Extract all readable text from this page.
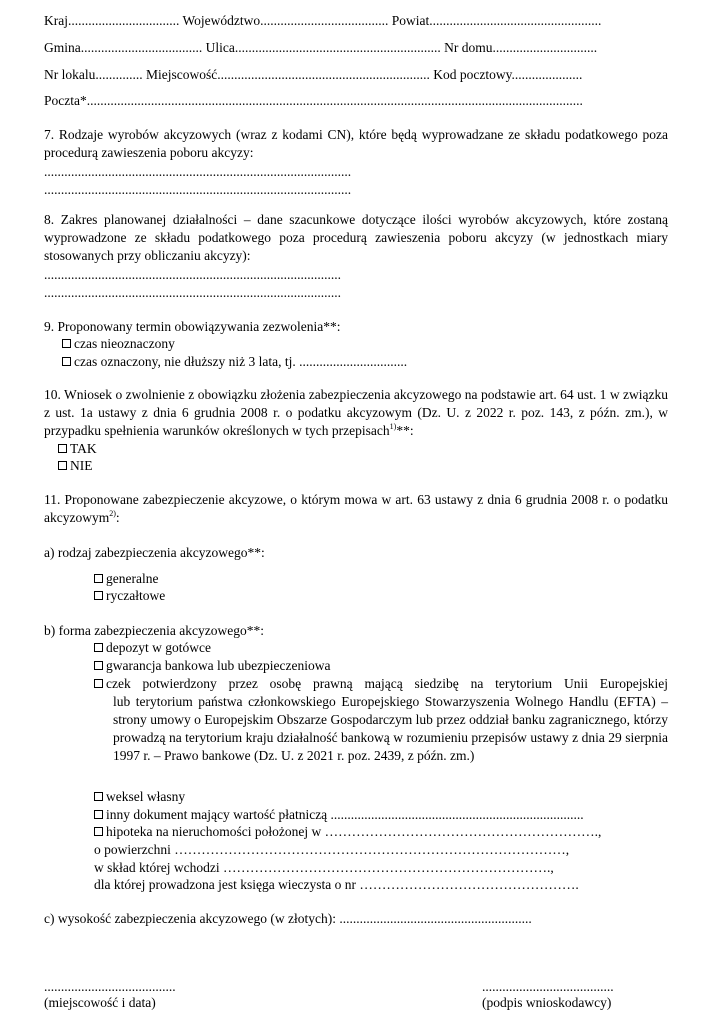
Kraj................................. Województwo...................................... Powiat...................................................
Gmina.................................... Ulica............................................................. Nr domu...............................
Nr lokalu.............. Miejscowość............................................................... Kod pocztowy.....................
Poczta*...................................................................................................................................................
7. Rodzaje wyrobów akcyzowych (wraz z kodami CN), które będą wyprowadzane ze składu podatkowego poza procedurą zawieszenia poboru akcyzy:
...........................................................................................
...........................................................................................
8. Zakres planowanej działalności – dane szacunkowe dotyczące ilości wyrobów akcyzowych, które zostaną wyprowadzone ze składu podatkowego poza procedurą zawieszenia poboru akcyzy (w jednostkach miary stosowanych przy obliczaniu akcyzy):
........................................................................................
........................................................................................
9. Proponowany termin obowiązywania zezwolenia**:
czas nieoznaczony
czas oznaczony, nie dłuższy niż 3 lata, tj. ................................
10. Wniosek o zwolnienie z obowiązku złożenia zabezpieczenia akcyzowego na podstawie art. 64 ust. 1 w związku z ust. 1a ustawy z dnia 6 grudnia 2008 r. o podatku akcyzowym (Dz. U. z 2022 r. poz. 143, z późn. zm.), w przypadku spełnienia warunków określonych w tych przepisach$^{1)}$**:
TAK
NIE
11. Proponowane zabezpieczenie akcyzowe, o którym mowa w art. 63 ustawy z dnia 6 grudnia 2008 r. o podatku akcyzowym$^{2)}$:
a) rodzaj zabezpieczenia akcyzowego**:
generalne
ryczałtowe
b) forma zabezpieczenia akcyzowego**:
depozyt w gotówce
gwarancja bankowa lub ubezpieczeniowa
czek potwierdzony przez osobę prawną mającą siedzibę na terytorium Unii Europejskiej
lub terytorium państwa członkowskiego Europejskiego Stowarzyszenia Wolnego Handlu (EFTA) – strony umowy o Europejskim Obszarze Gospodarczym lub przez oddział banku zagranicznego, którzy prowadzą na terytorium kraju działalność bankową w rozumieniu przepisów ustawy z dnia 29 sierpnia 1997 r. – Prawo bankowe (Dz. U. z 2021 r. poz. 2439, z późn. zm.)
weksel własny
inny dokument mający wartość płatniczą ...........................................................................
hipoteka na nieruchomości położonej w …………………………………………………….,
o powierzchni ……………………………………………………………………………,
w skład której wchodzi ……………………………………………………………….,
dla której prowadzona jest księga wieczysta o nr ………………………………………….
c) wysokość zabezpieczenia akcyzowego (w złotych): .........................................................
.......................................
(miejscowość i data)
.......................................
(podpis wnioskodawcy)
